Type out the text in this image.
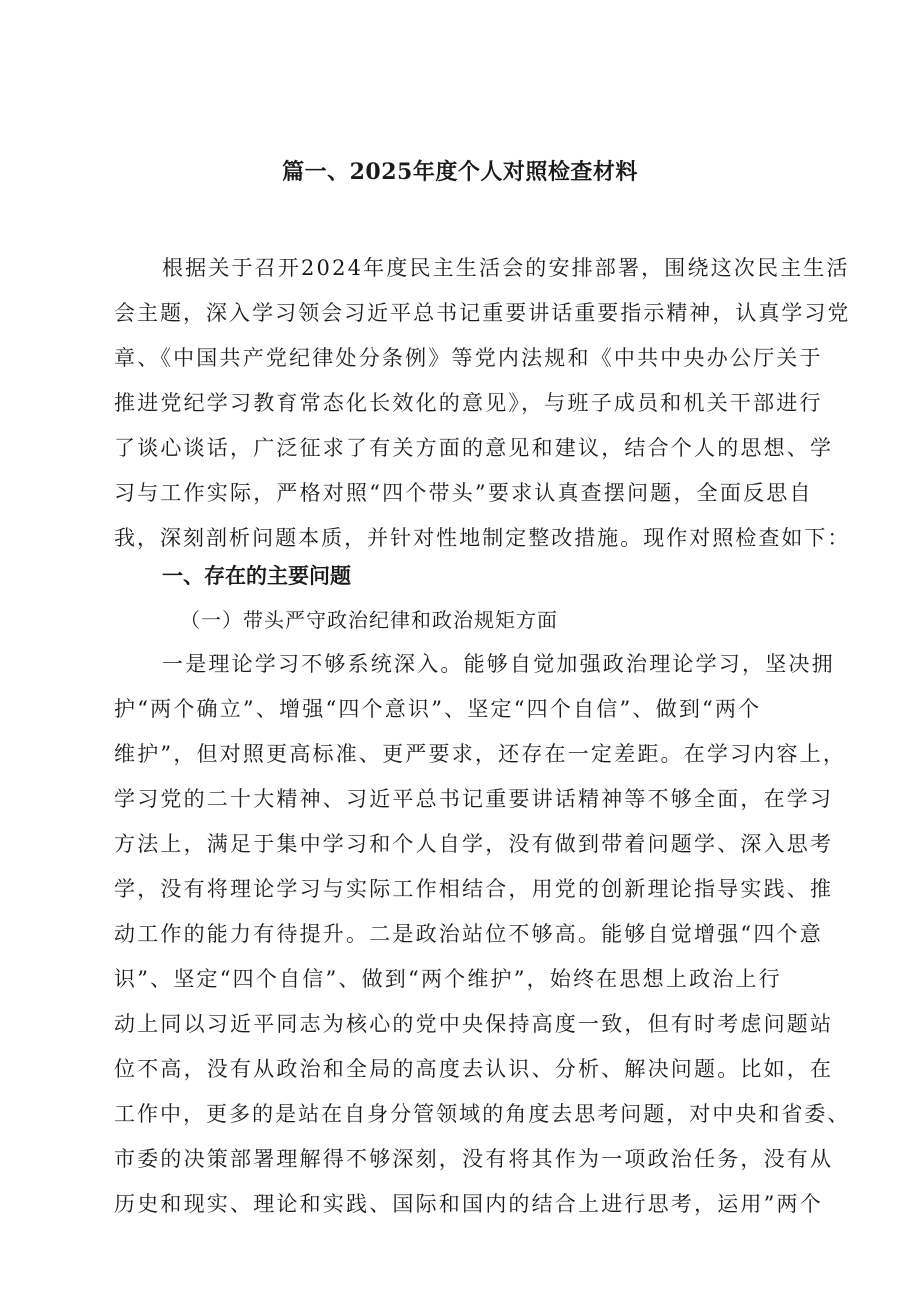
篇一、2025年度个人对照检查材料
根据关于召开2024年度民主生活会的安排部署，围绕这次民主生活
会主题，深入学习领会习近平总书记重要讲话重要指示精神，认真学习党
章、《中国共产党纪律处分条例》等党内法规和《中共中央办公厅关于
推进党纪学习教育常态化长效化的意见》，与班子成员和机关干部进行
了谈心谈话，广泛征求了有关方面的意见和建议，结合个人的思想、学
习与工作实际，严格对照“四个带头”要求认真查摆问题，全面反思自
我，深刻剖析问题本质，并针对性地制定整改措施。现作对照检查如下：
一、存在的主要问题
（一）带头严守政治纪律和政治规矩方面
一是理论学习不够系统深入。能够自觉加强政治理论学习，坚决拥
护“两个确立”、增强“四个意识”、坚定“四个自信”、做到“两个
维护”，但对照更高标准、更严要求，还存在一定差距。在学习内容上，
学习党的二十大精神、习近平总书记重要讲话精神等不够全面，在学习
方法上，满足于集中学习和个人自学，没有做到带着问题学、深入思考
学，没有将理论学习与实际工作相结合，用党的创新理论指导实践、推
动工作的能力有待提升。二是政治站位不够高。能够自觉增强“四个意
识”、坚定“四个自信”、做到“两个维护”，始终在思想上政治上行
动上同以习近平同志为核心的党中央保持高度一致，但有时考虑问题站
位不高，没有从政治和全局的高度去认识、分析、解决问题。比如，在
工作中，更多的是站在自身分管领域的角度去思考问题，对中央和省委、
市委的决策部署理解得不够深刻，没有将其作为一项政治任务，没有从
历史和现实、理论和实践、国际和国内的结合上进行思考，运用”两个
